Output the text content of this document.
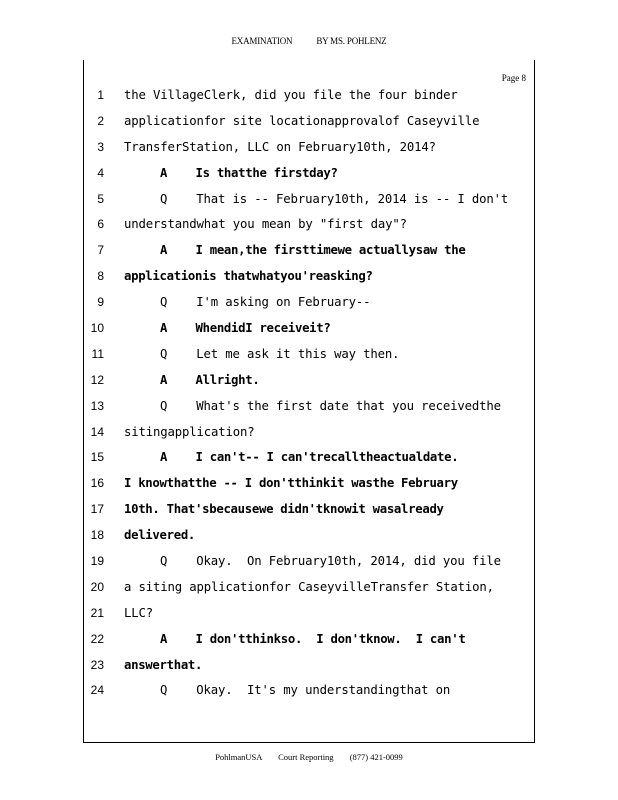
EXAMINATION	BY MS. POHLENZ
Page 8
1 the VillageClerk, did you file the four binder
2 applicationfor site locationapprovalof Caseyville
3 TransferStation, LLC on February10th, 2014?
4	A    Is thatthe firstday?
5	Q    That is -- February10th, 2014 is -- I don't
6 understandwhat you mean by "first day"?
7	A    I mean,the firsttimewe actuallysaw the
8 applicationis thatwhatyou'reasking?
9	Q    I'm asking on February--
10	A    WhendidI receiveit?
11	Q    Let me ask it this way then.
12	A    Allright.
13	Q    What's the first date that you receivedthe
14 sitingapplication?
15	A    I can't-- I can'trecalltheactualdate.
16 I knowthatthe -- I don'tthinkit wasthe February
17 10th. That'sbecausewe didn'tknowit wasalready
18 delivered.
19	Q    Okay.  On February10th, 2014, did you file
20 a siting applicationfor CaseyvilleTransfer Station,
21 LLC?
22	A    I don'tthinkso.  I don'tknow.  I can't
23 answerthat.
24	Q    Okay.  It's my understandingthat on
PohlmanUSA Court Reporting (877) 421-0099
